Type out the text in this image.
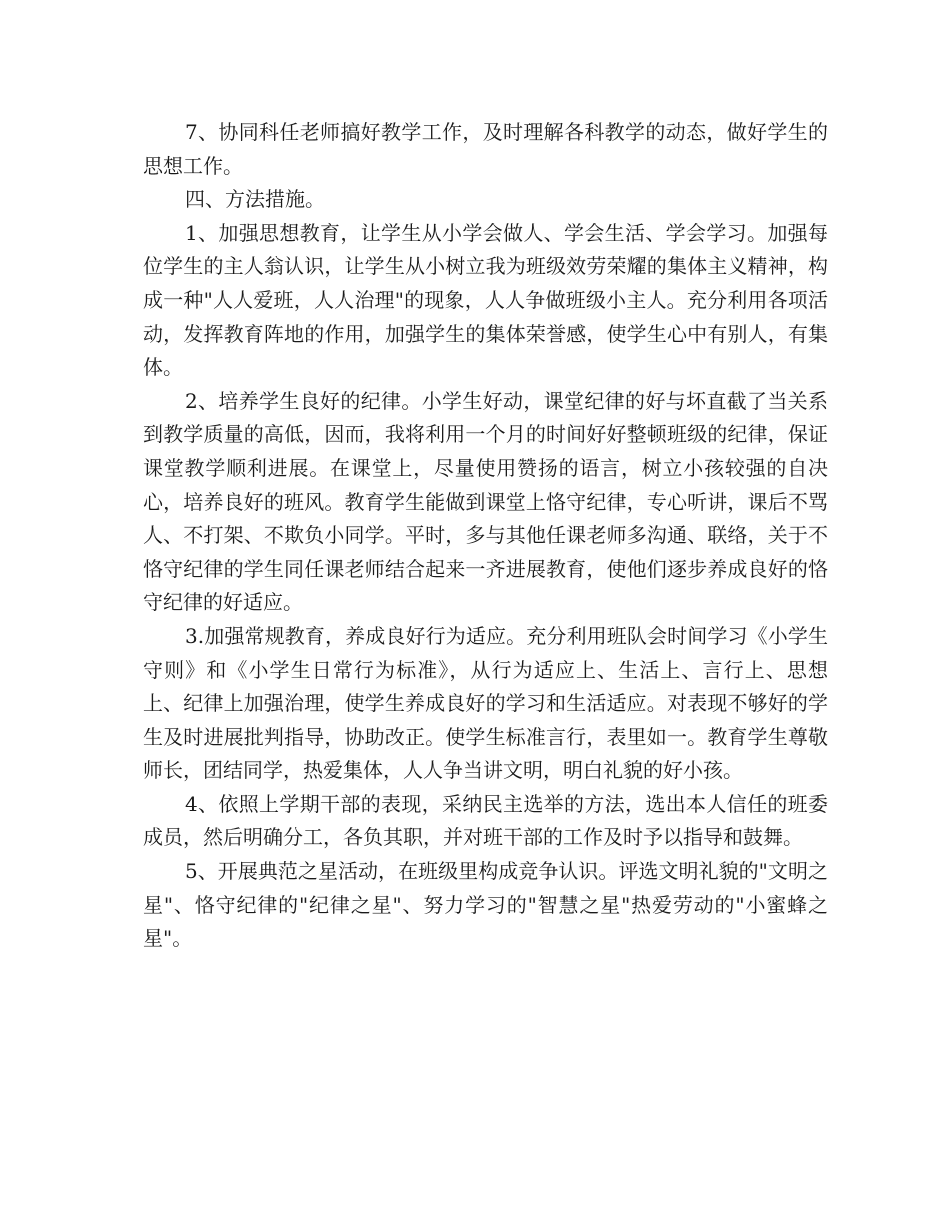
7、协同科任老师搞好教学工作，及时理解各科教学的动态，做好学生的思想工作。

四、方法措施。

1、加强思想教育，让学生从小学会做人、学会生活、学会学习。加强每位学生的主人翁认识，让学生从小树立我为班级效劳荣耀的集体主义精神，构成一种"人人爱班，人人治理"的现象，人人争做班级小主人。充分利用各项活动，发挥教育阵地的作用，加强学生的集体荣誉感，使学生心中有别人，有集体。

2、培养学生良好的纪律。小学生好动，课堂纪律的好与坏直截了当关系到教学质量的高低，因而，我将利用一个月的时间好好整顿班级的纪律，保证课堂教学顺利进展。在课堂上，尽量使用赞扬的语言，树立小孩较强的自决心，培养良好的班风。教育学生能做到课堂上恪守纪律，专心听讲，课后不骂人、不打架、不欺负小同学。平时，多与其他任课老师多沟通、联络，关于不恪守纪律的学生同任课老师结合起来一齐进展教育，使他们逐步养成良好的恪守纪律的好适应。

3.加强常规教育，养成良好行为适应。充分利用班队会时间学习《小学生守则》和《小学生日常行为标准》，从行为适应上、生活上、言行上、思想上、纪律上加强治理，使学生养成良好的学习和生活适应。对表现不够好的学生及时进展批判指导，协助改正。使学生标准言行，表里如一。教育学生尊敬师长，团结同学，热爱集体，人人争当讲文明，明白礼貌的好小孩。

4、依照上学期干部的表现，采纳民主选举的方法，选出本人信任的班委成员，然后明确分工，各负其职，并对班干部的工作及时予以指导和鼓舞。

5、开展典范之星活动，在班级里构成竞争认识。评选文明礼貌的"文明之星"、恪守纪律的"纪律之星"、努力学习的"智慧之星"热爱劳动的"小蜜蜂之星"。
